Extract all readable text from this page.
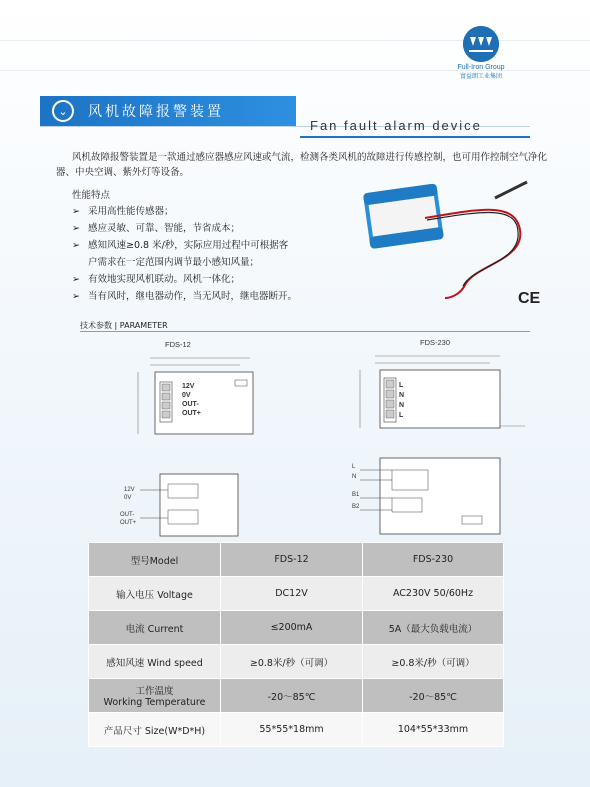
Full-Iron Group
富益朗工业集团
⌄	风机故障报警装置
Fan fault alarm device

风机故障报警装置是一款通过感应器感应风速或气流，检测各类风机的故障进行传感控制，也可用作控制空气净化器、中央空调、紫外灯等设备。

性能特点
➢ 采用高性能传感器；
➢ 感应灵敏、可靠、智能，节省成本；
➢ 感知风速≥0.8 米/秒，实际应用过程中可根据客
户需求在一定范围内调节最小感知风量；
➢ 有效地实现风机联动。风机一体化；
➢ 当有风时，继电器动作，当无风时，继电器断开。	CE
技术参数 | PARAMETER
FDS-12
12V
0V
OUT-
OUT+
12V
0V
OUT-
OUT+
FDS-230
L
N
N
L
L
N
B1
B2
型号Model	FDS-12	FDS-230
输入电压 Voltage	DC12V	AC230V 50/60Hz
电流 Current	≤200mA	5A（最大负载电流）
感知风速 Wind speed	≥0.8米/秒（可调）	≥0.8米/秒（可调）

工作温度
Working Temperature	-20～85℃	-20～85℃
产品尺寸 Size(W*D*H)	55*55*18mm	104*55*33mm
